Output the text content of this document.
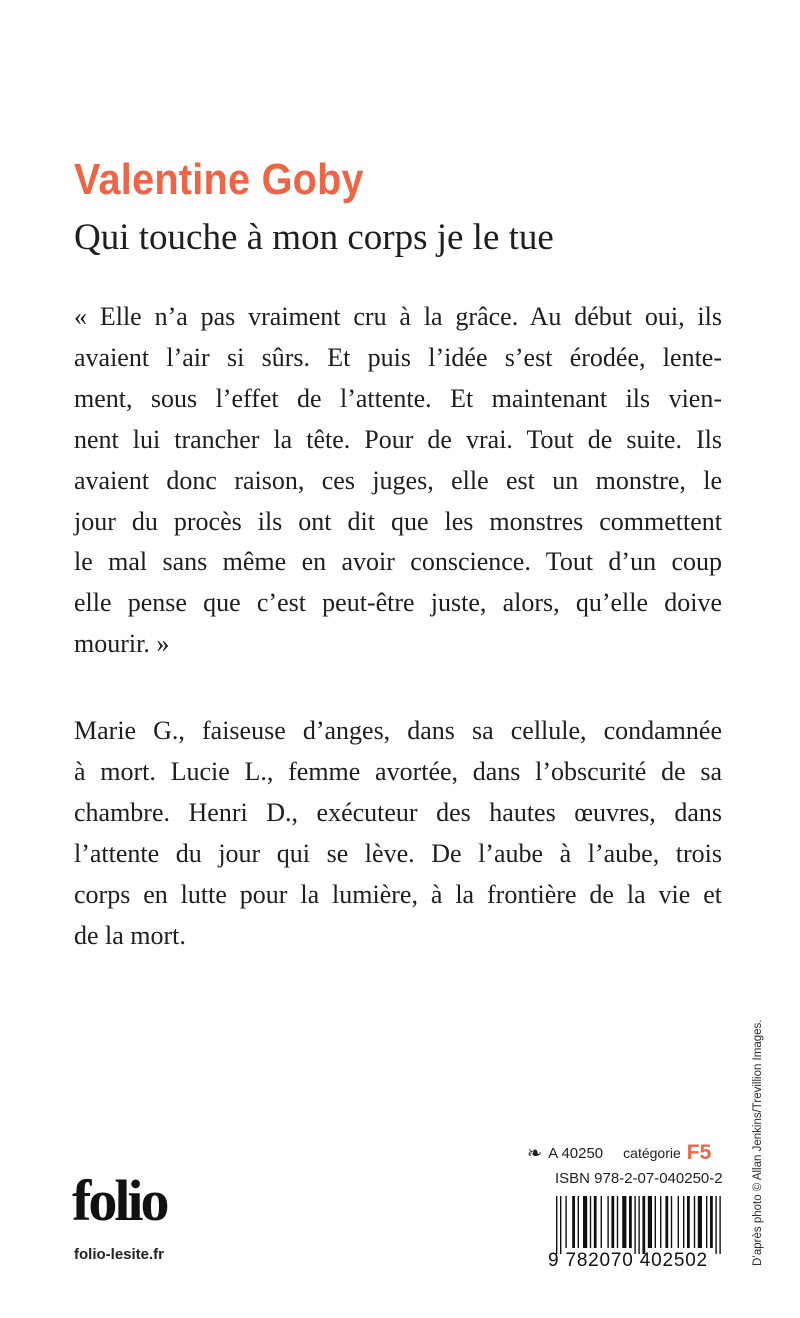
Valentine Goby
Qui touche à mon corps je le tue

« Elle n’a pas vraiment cru à la grâce. Au début oui, ils
avaient l’air si sûrs. Et puis l’idée s’est érodée, lente-
ment, sous l’effet de l’attente. Et maintenant ils vien-
nent lui trancher la tête. Pour de vrai. Tout de suite. Ils
avaient donc raison, ces juges, elle est un monstre, le
jour du procès ils ont dit que les monstres commettent
le mal sans même en avoir conscience. Tout d’un coup
elle pense que c’est peut-être juste, alors, qu’elle doive
mourir. »

Marie G., faiseuse d’anges, dans sa cellule, condamnée
à mort. Lucie L., femme avortée, dans l’obscurité de sa
chambre. Henri D., exécuteur des hautes œuvres, dans
l’attente du jour qui se lève. De l’aube à l’aube, trois
corps en lutte pour la lumière, à la frontière de la vie et
de la mort.

D’après photo © Allan Jenkins/Trevillion Images.
folio
folio-lesite.fr
❧ A 40250 catégorie F5
ISBN 978-2-07-040250-2
9 782070 402502
